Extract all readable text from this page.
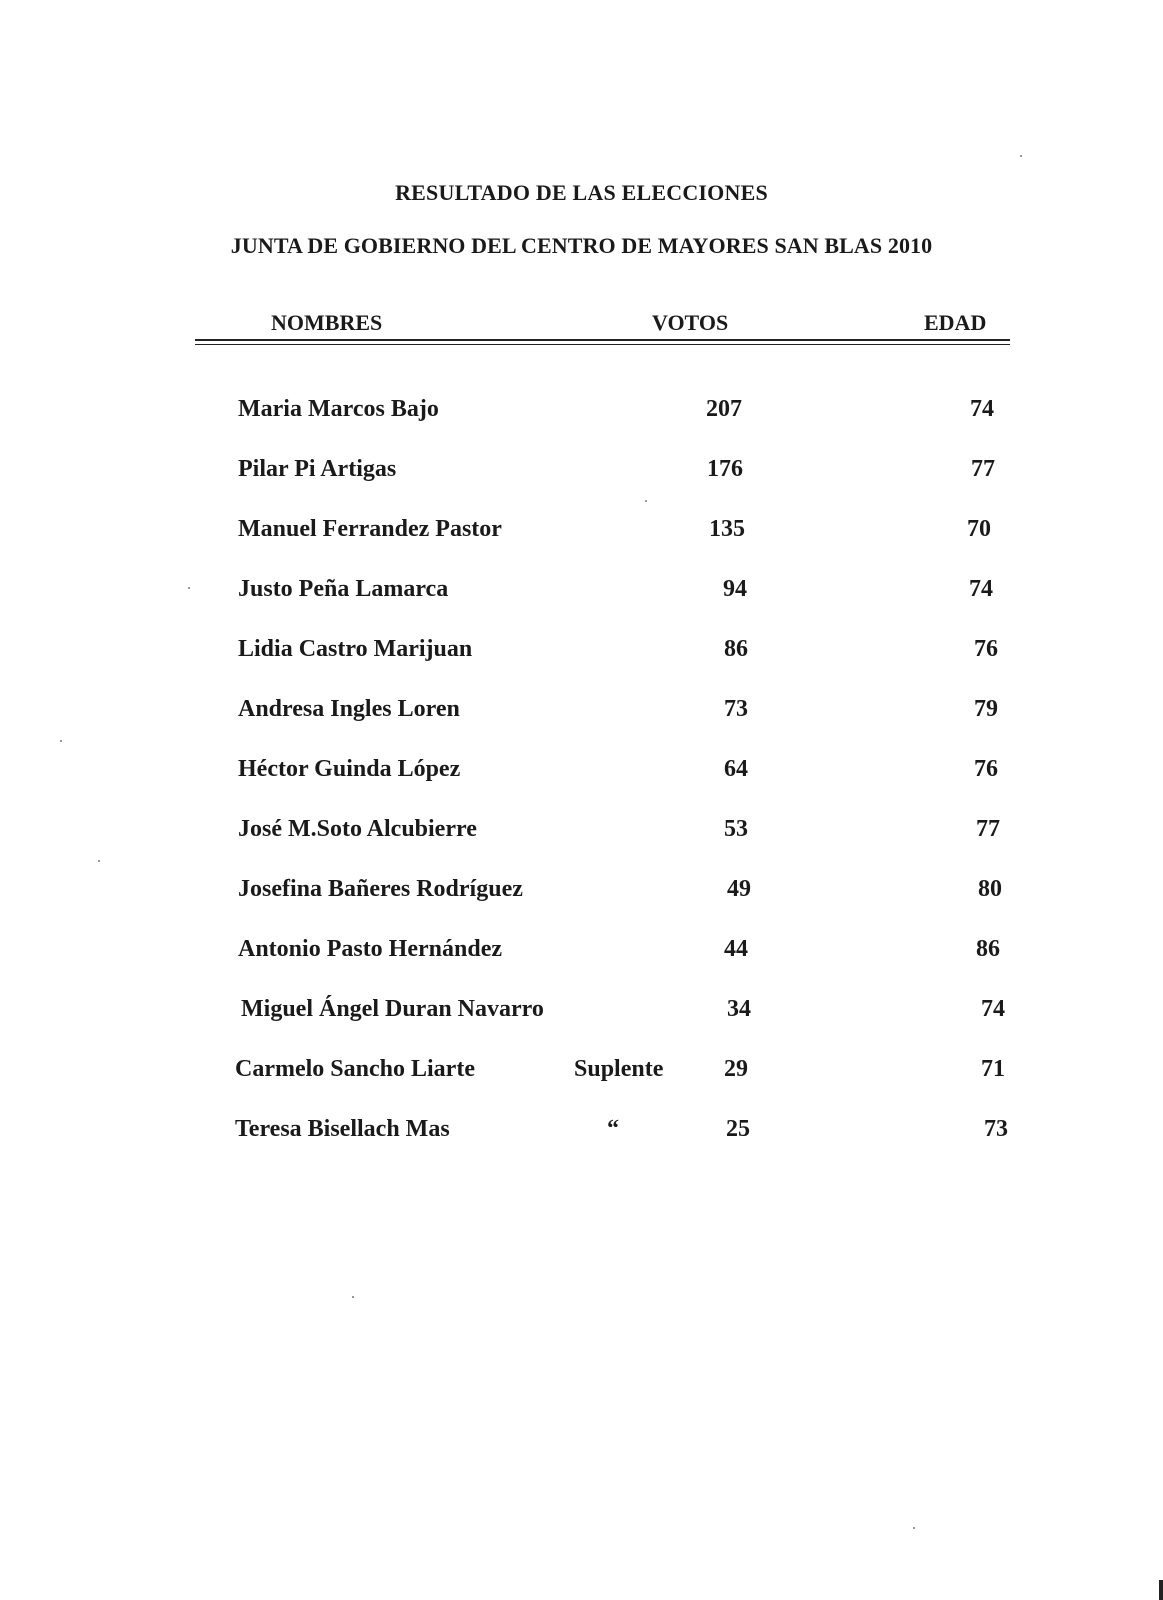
RESULTADO DE LAS ELECCIONES
JUNTA DE GOBIERNO DEL CENTRO DE MAYORES SAN BLAS 2010
NOMBRES	VOTOS	EDAD
Maria Marcos Bajo	207	74
Pilar Pi Artigas	176	77
Manuel Ferrandez Pastor	135	70
Justo Peña Lamarca	94	74
Lidia Castro Marijuan	86	76
Andresa Ingles Loren	73	79
Héctor Guinda López	64	76
José M.Soto Alcubierre	53	77
Josefina Bañeres Rodríguez	49	80
Antonio Pasto Hernández	44	86
Miguel Ángel Duran Navarro	34	74
Carmelo Sancho Liarte	Suplente	29	71
Teresa Bisellach Mas	“	25	73
